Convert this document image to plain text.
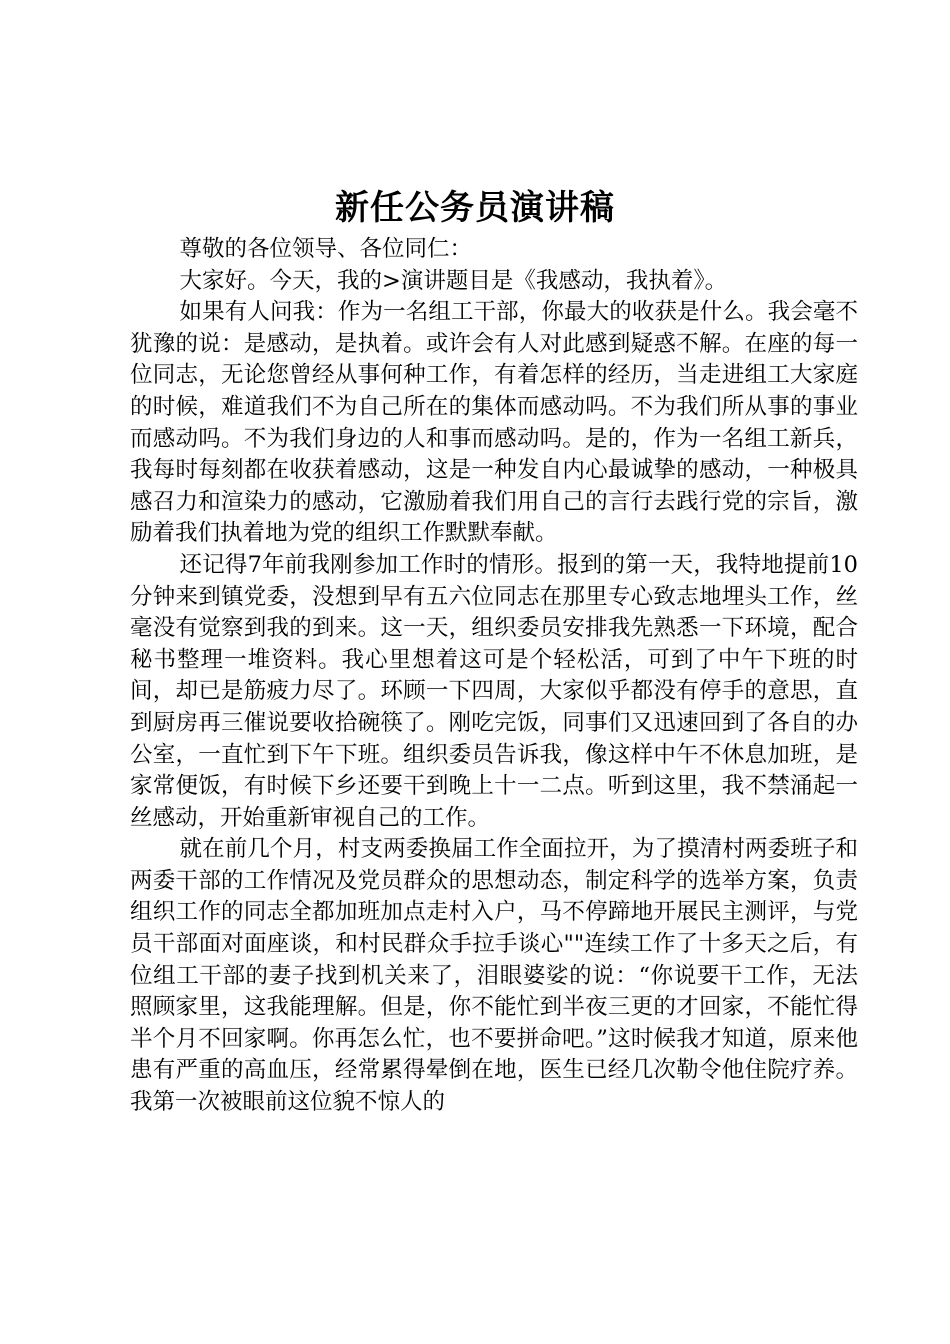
新任公务员演讲稿

尊敬的各位领导、各位同仁：

大家好。今天，我的>演讲题目是《我感动，我执着》。

如果有人问我：作为一名组工干部，你最大的收获是什么。我会毫不犹豫的说：是感动，是执着。或许会有人对此感到疑惑不解。在座的每一位同志，无论您曾经从事何种工作，有着怎样的经历，当走进组工大家庭的时候，难道我们不为自己所在的集体而感动吗。不为我们所从事的事业而感动吗。不为我们身边的人和事而感动吗。是的，作为一名组工新兵，我每时每刻都在收获着感动，这是一种发自内心最诚挚的感动，一种极具感召力和渲染力的感动，它激励着我们用自己的言行去践行党的宗旨，激励着我们执着地为党的组织工作默默奉献。

还记得7年前我刚参加工作时的情形。报到的第一天，我特地提前10分钟来到镇党委，没想到早有五六位同志在那里专心致志地埋头工作，丝毫没有觉察到我的到来。这一天，组织委员安排我先熟悉一下环境，配合秘书整理一堆资料。我心里想着这可是个轻松活，可到了中午下班的时间，却已是筋疲力尽了。环顾一下四周，大家似乎都没有停手的意思，直到厨房再三催说要收拾碗筷了。刚吃完饭，同事们又迅速回到了各自的办公室，一直忙到下午下班。组织委员告诉我，像这样中午不休息加班，是家常便饭，有时候下乡还要干到晚上十一二点。听到这里，我不禁涌起一丝感动，开始重新审视自己的工作。

就在前几个月，村支两委换届工作全面拉开，为了摸清村两委班子和两委干部的工作情况及党员群众的思想动态，制定科学的选举方案，负责组织工作的同志全都加班加点走村入户，马不停蹄地开展民主测评，与党员干部面对面座谈，和村民群众手拉手谈心""连续工作了十多天之后，有位组工干部的妻子找到机关来了，泪眼婆娑的说：“你说要干工作，无法照顾家里，这我能理解。但是，你不能忙到半夜三更的才回家，不能忙得半个月不回家啊。你再怎么忙，也不要拼命吧。”这时候我才知道，原来他患有严重的高血压，经常累得晕倒在地，医生已经几次勒令他住院疗养。我第一次被眼前这位貌不惊人的
